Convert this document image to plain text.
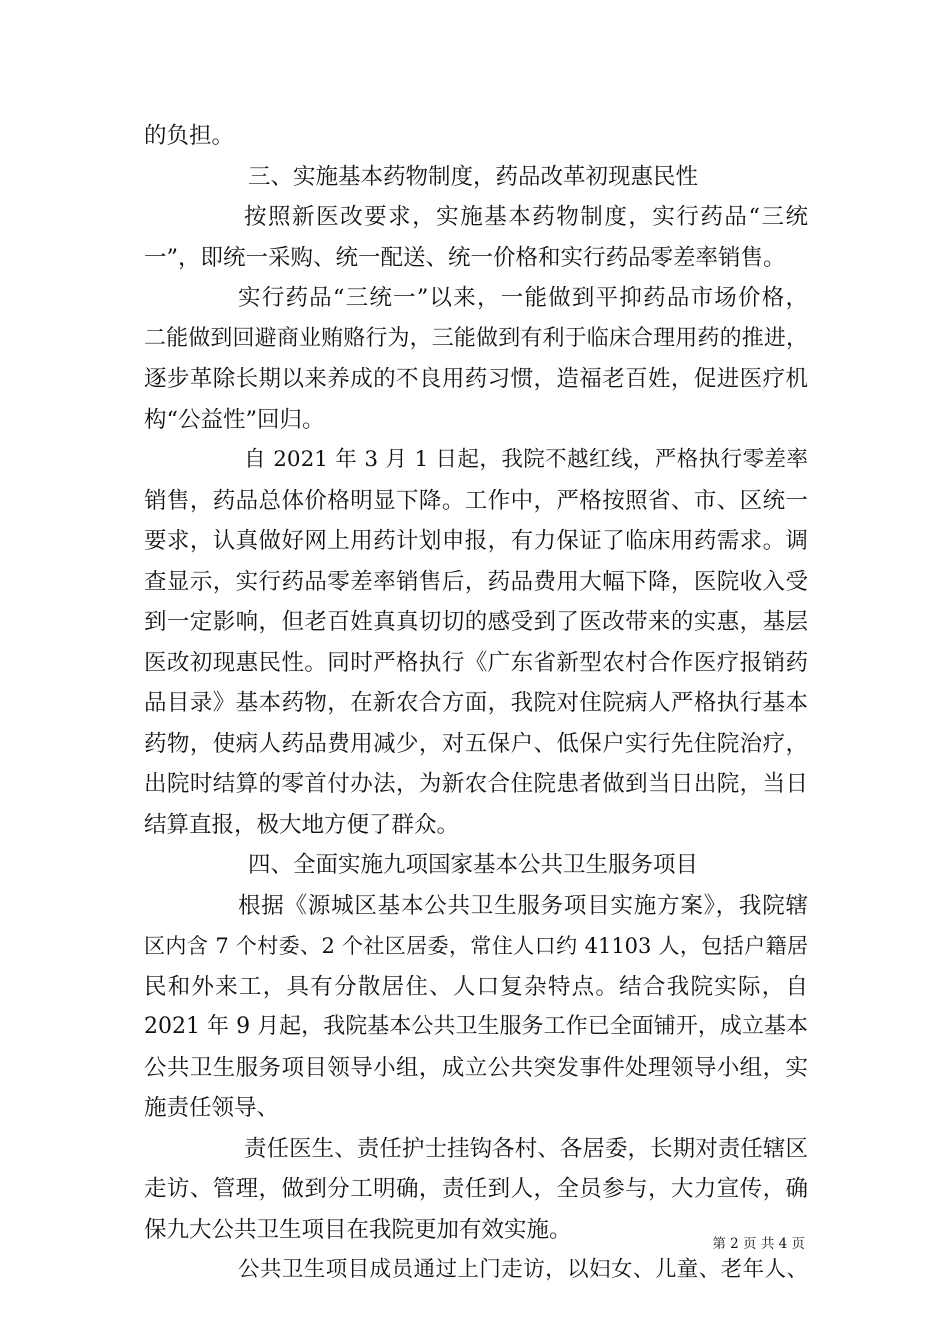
的负担。
三、实施基本药物制度，药品改革初现惠民性
按照新医改要求，实施基本药物制度，实行药品“三统
一”，即统一采购、统一配送、统一价格和实行药品零差率销售。
实行药品“三统一”以来，一能做到平抑药品市场价格，
二能做到回避商业贿赂行为，三能做到有利于临床合理用药的推进，
逐步革除长期以来养成的不良用药习惯，造福老百姓，促进医疗机
构“公益性”回归。
自 2021 年 3 月 1 日起，我院不越红线，严格执行零差率
销售，药品总体价格明显下降。工作中，严格按照省、市、区统一
要求，认真做好网上用药计划申报，有力保证了临床用药需求。调
查显示，实行药品零差率销售后，药品费用大幅下降，医院收入受
到一定影响，但老百姓真真切切的感受到了医改带来的实惠，基层
医改初现惠民性。同时严格执行《广东省新型农村合作医疗报销药
品目录》基本药物，在新农合方面，我院对住院病人严格执行基本
药物，使病人药品费用减少，对五保户、低保户实行先住院治疗，
出院时结算的零首付办法，为新农合住院患者做到当日出院，当日
结算直报，极大地方便了群众。
四、全面实施九项国家基本公共卫生服务项目
根据《源城区基本公共卫生服务项目实施方案》，我院辖
区内含 7 个村委、2 个社区居委，常住人口约 41103 人，包括户籍居
民和外来工，具有分散居住、人口复杂特点。结合我院实际，自
2021 年 9 月起，我院基本公共卫生服务工作已全面铺开，成立基本
公共卫生服务项目领导小组，成立公共突发事件处理领导小组，实
施责任领导、
责任医生、责任护士挂钩各村、各居委，长期对责任辖区
走访、管理，做到分工明确，责任到人，全员参与，大力宣传，确
保九大公共卫生项目在我院更加有效实施。
公共卫生项目成员通过上门走访，以妇女、儿童、老年人、
第 2 页 共 4 页
